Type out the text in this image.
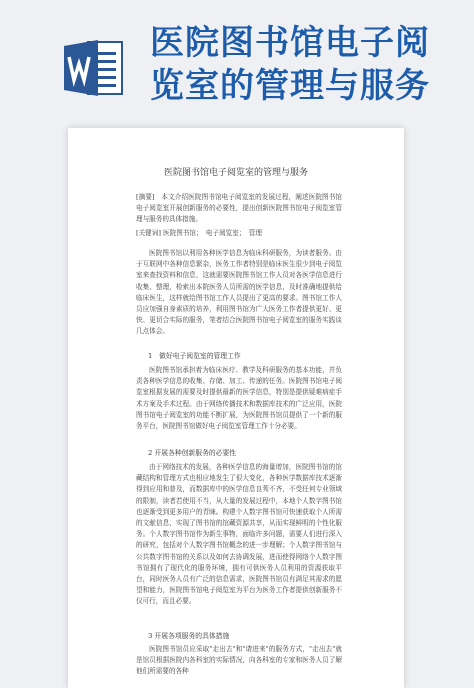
医院图书馆电子阅
览室的管理与服务
医院图书馆电子阅览室的管理与服务

[摘要]　本文介绍医院图书馆电子阅览室的发展过程，阐述医院图书馆电子阅览室开展创新服务的必要性，提出创新医院图书馆电子阅览室管理与服务的具体措施。

[关键词] 医院图书馆；　电子阅览室；　管理

医院图书馆以利用各种医学信息为临床科研服务，为读者服务。由于互联网中各种信息繁杂，医务工作者特别是临床医生很少到电子阅览室来查找资料和信息，这就需要医院图书馆工作人员对各医学信息进行收集、整理，检索出本院医务人员所需的医学信息，及时准确地提供给临床医生，这样就给图书馆工作人员提出了更高的要求。图书馆工作人员应加强自身素质的培养，利用图书馆为广大医务工作者提供更好、更快、更切合实际的服务，笔者结合医院图书馆电子阅览室的服务实践谈几点体会。

1　做好电子阅览室的管理工作

医院图书馆承担着为临床医疗、教学及科研服务的基本功能，并负责各种医学信息的收集、存储、加工、传递的任务。医院图书馆电子阅览室根据发展的需要及时提供最新的医学信息，特别是提供疑难病症手术方案及手术过程。由于网络传播技术和数据库技术的广泛应用，医院图书馆电子阅览室的功能不断扩展，为医院图书馆员提供了一个新的服务平台，医院图书馆做好电子阅览室管理工作十分必要。

2 开展各种创新服务的必要性

由于网络技术的发展，各种医学信息的海量增加，医院图书馆的馆藏结构和管理方式也相应地发生了很大变化，各种医学数据库技术逐渐得到应用和普及，而数据库中的医学信息良莠不齐，不受任何专业领域的限制，读者若使用不当，从大量的发展过程中，本地个人数字图书馆也逐渐受到更多用户的青睐。构建个人数字图书馆可快速获取个人所需的文献信息，实现了图书馆的馆藏资源共享，从而实现鲜明的个性化服务。个人数字图书馆作为新生事物，面临许多问题，需要人们进行深入的研究，包括对个人数字图书馆概念的进一步理解；个人数字图书馆与公共数字图书馆的关系以及如何去协调发展，进而使得网络个人数字图书馆拥有了现代化的服务环境，拥有可供医务人员利用的资源获取平台，同时医务人员有广泛的信息需求，医院图书馆员有满足其需求的愿望和能力，医院图书馆电子阅览室为平台为医务工作者提供创新服务不仅可行，而且必要。

3 开展各项服务的具体措施

医院图书馆员应采取"走出去"和"请进来"的服务方式，"走出去"就是馆员根据医院内各科室的实际情况，向各科室的专家和医务人员了解他们所需要的各种
